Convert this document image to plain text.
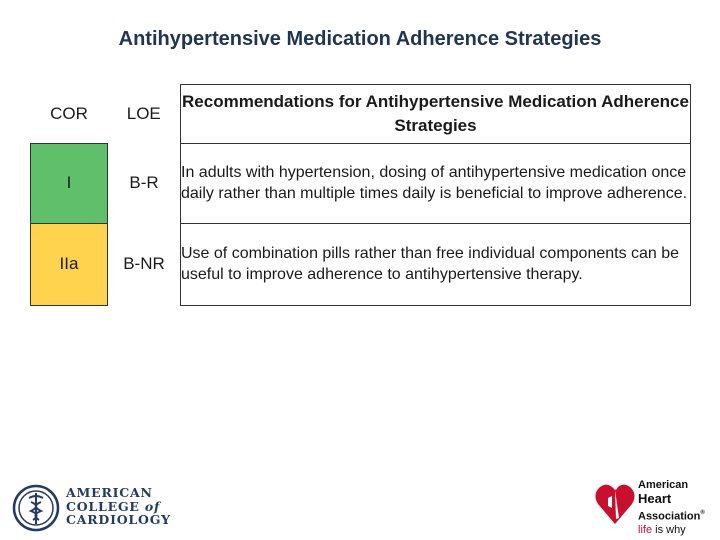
Antihypertensive Medication Adherence Strategies
COR	LOE	Recommendations for Antihypertensive Medication Adherence Strategies
I	B-R	In adults with hypertension, dosing of antihypertensive medication once daily rather than multiple times daily is beneficial to improve adherence.
IIa	B-NR	Use of combination pills rather than free individual components can be useful to improve adherence to antihypertensive therapy.
AMERICAN
COLLEGE of
CARDIOLOGY
American
Heart
Association®
life is why
